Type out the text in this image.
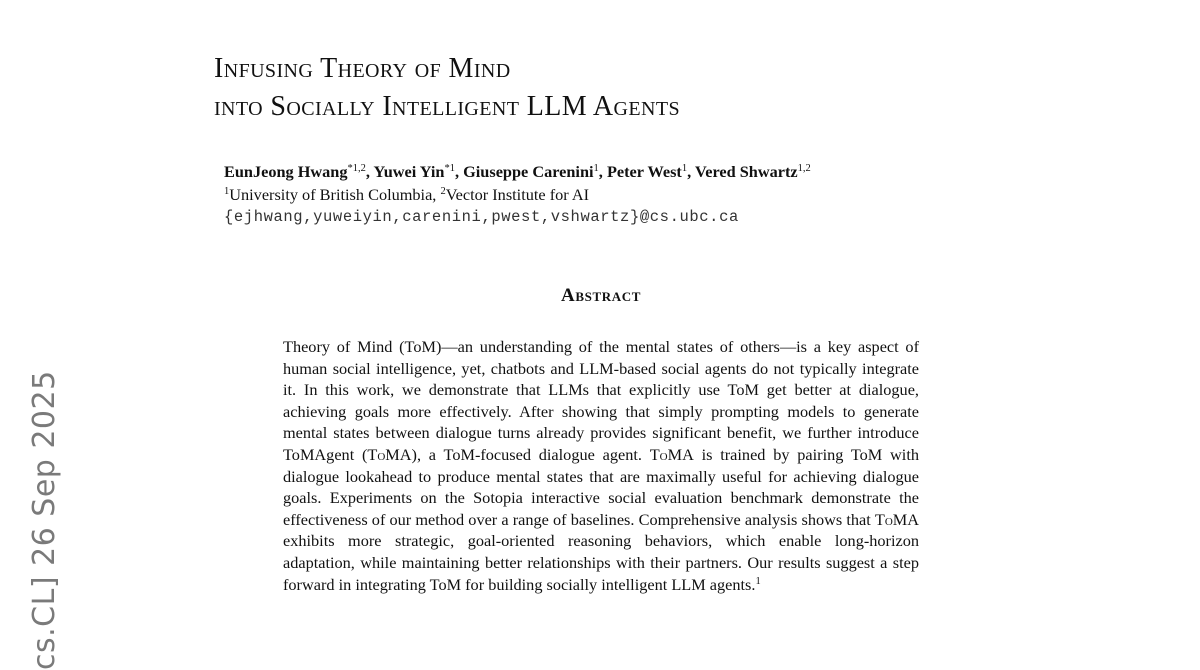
cs.CL] 26 Sep 2025
Infusing Theory of Mind
into Socially Intelligent LLM Agents
EunJeong Hwang$^{*1,2}$, Yuwei Yin$^{*1}$, Giuseppe Carenini$^1$, Peter West$^1$, Vered Shwartz$^{1,2}$
$^1$University of British Columbia, $^2$Vector Institute for AI
{ejhwang,yuweiyin,carenini,pwest,vshwartz}@cs.ubc.ca
Abstract

Theory of Mind (ToM)—an understanding of the mental states of others—is a key aspect of human social intelligence, yet, chatbots and LLM-based social agents do not typically integrate it. In this work, we demonstrate that LLMs that explicitly use ToM get better at dialogue, achieving goals more effectively. After showing that simply prompting models to generate mental states between dialogue turns already provides significant benefit, we further introduce ToMAgent (ToMA), a ToM-focused dialogue agent. ToMA is trained by pairing ToM with dialogue lookahead to produce mental states that are maximally useful for achieving dialogue goals. Experiments on the Sotopia interactive social evaluation benchmark demonstrate the effectiveness of our method over a range of baselines. Comprehensive analysis shows that ToMA exhibits more strategic, goal-oriented reasoning behaviors, which enable long-horizon adaptation, while maintaining better relationships with their partners. Our results suggest a step forward in integrating ToM for building socially intelligent LLM agents.$^1$
